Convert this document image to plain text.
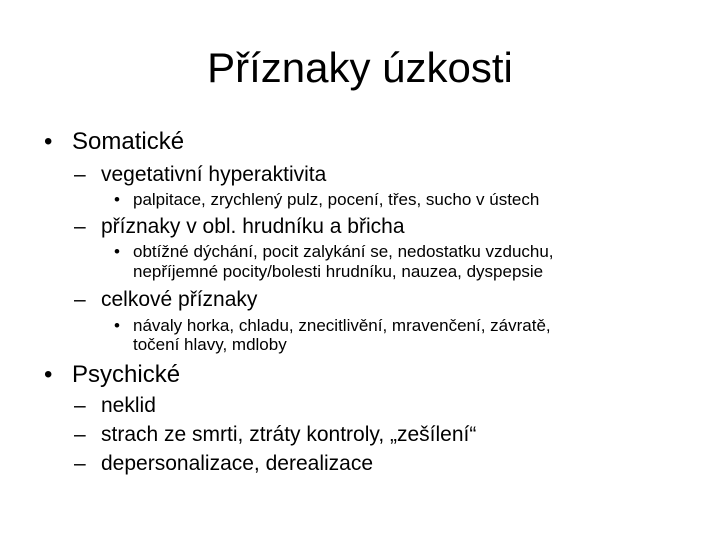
Příznaky úzkosti
• Somatické
– vegetativní hyperaktivita
• palpitace, zrychlený pulz, pocení, třes, sucho v ústech
– příznaky v obl. hrudníku a břicha
• obtížné dýchání, pocit zalykání se, nedostatku vzduchu,
nepříjemné pocity/bolesti hrudníku, nauzea, dyspepsie
– celkové příznaky
• návaly horka, chladu, znecitlivění, mravenčení, závratě,
točení hlavy, mdloby
• Psychické
– neklid
– strach ze smrti, ztráty kontroly, „zešílení“
– depersonalizace, derealizace
